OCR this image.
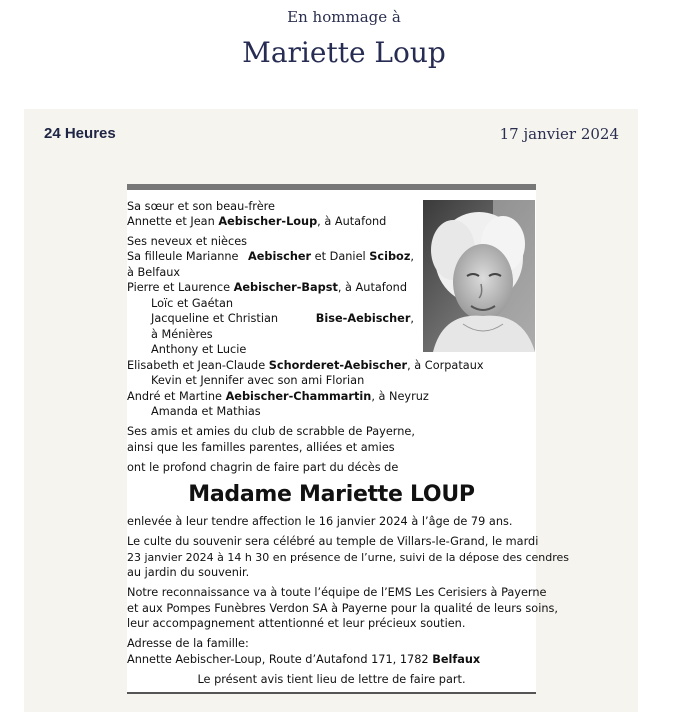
En hommage à
Mariette Loup
24 Heures	17 janvier 2024
Sa sœur et son beau-frère
Annette et Jean Aebischer-Loup, à Autafond
Ses neveux et nièces
Sa filleule Marianne Aebischer et Daniel Sciboz,
à Belfaux
Pierre et Laurence Aebischer-Bapst, à Autafond
Loïc et Gaétan
Jacqueline et Christian	Bise-Aebischer,
à Ménières
Anthony et Lucie
Elisabeth et Jean-Claude Schorderet-Aebischer, à Corpataux
Kevin et Jennifer avec son ami Florian
André et Martine Aebischer-Chammartin, à Neyruz
Amanda et Mathias
Ses amis et amies du club de scrabble de Payerne,
ainsi que les familles parentes, alliées et amies
ont le profond chagrin de faire part du décès de
Madame Mariette LOUP
enlevée à leur tendre affection le 16 janvier 2024 à l’âge de 79 ans.
Le culte du souvenir sera célébré au temple de Villars-le-Grand, le mardi
23 janvier 2024 à 14 h 30 en présence de l’urne, suivi de la dépose des cendres
au jardin du souvenir.
Notre reconnaissance va à toute l’équipe de l’EMS Les Cerisiers à Payerne
et aux Pompes Funèbres Verdon SA à Payerne pour la qualité de leurs soins,
leur accompagnement attentionné et leur précieux soutien.
Adresse de la famille:
Annette Aebischer-Loup, Route d’Autafond 171, 1782 Belfaux
Le présent avis tient lieu de lettre de faire part.
